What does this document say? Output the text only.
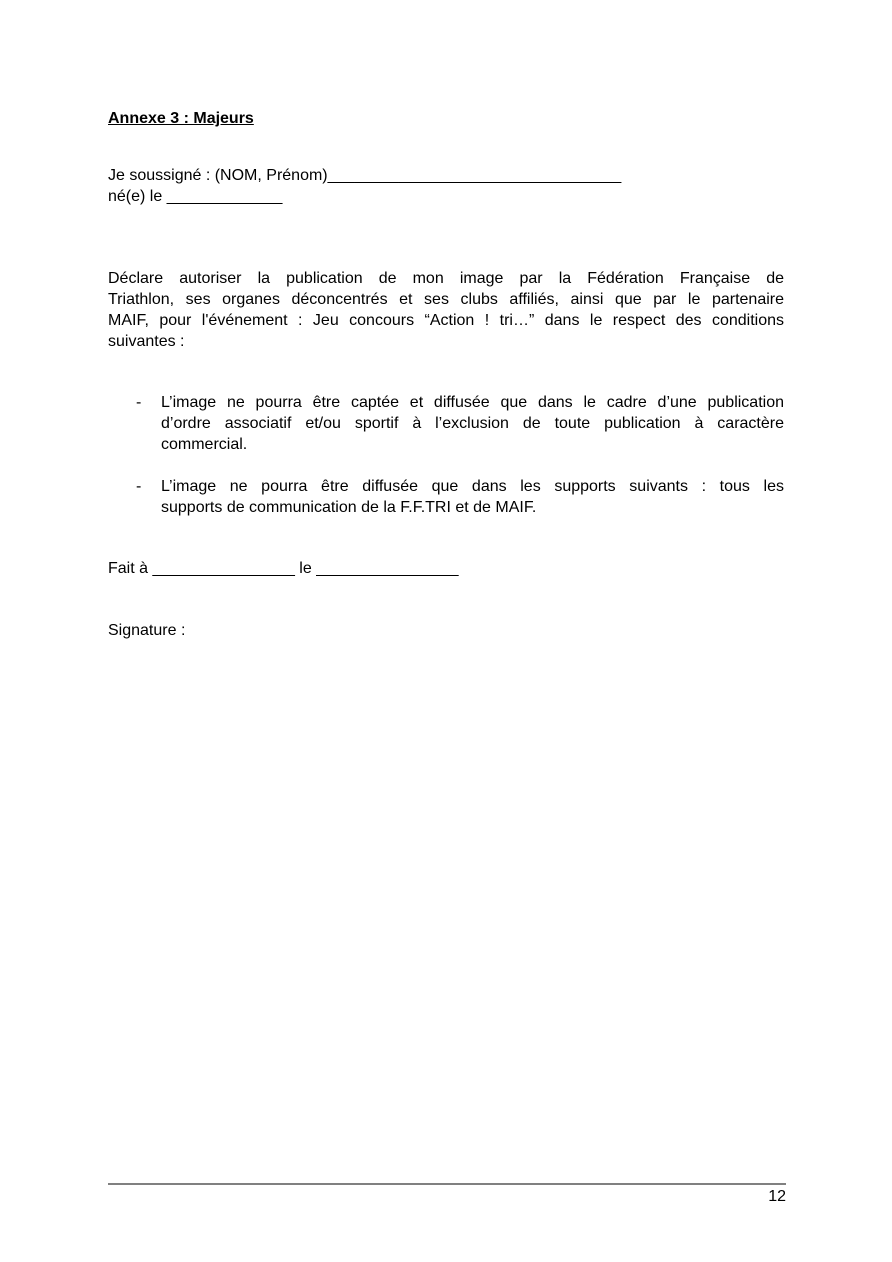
Annexe 3 : Majeurs
Je soussigné : (NOM, Prénom)_________________________________
né(e) le _____________
Déclare autoriser la publication de mon image par la Fédération Française de
Triathlon, ses organes déconcentrés et ses clubs affiliés, ainsi que par le partenaire
MAIF, pour l'événement : Jeu concours “Action ! tri…” dans le respect des conditions
suivantes :
- L’image ne pourra être captée et diffusée que dans le cadre d’une publication
d’ordre associatif et/ou sportif à l’exclusion de toute publication à caractère
commercial.
- L’image ne pourra être diffusée que dans les supports suivants : tous les
supports de communication de la F.F.TRI et de MAIF.
Fait à ________________ le ________________
Signature :
12
